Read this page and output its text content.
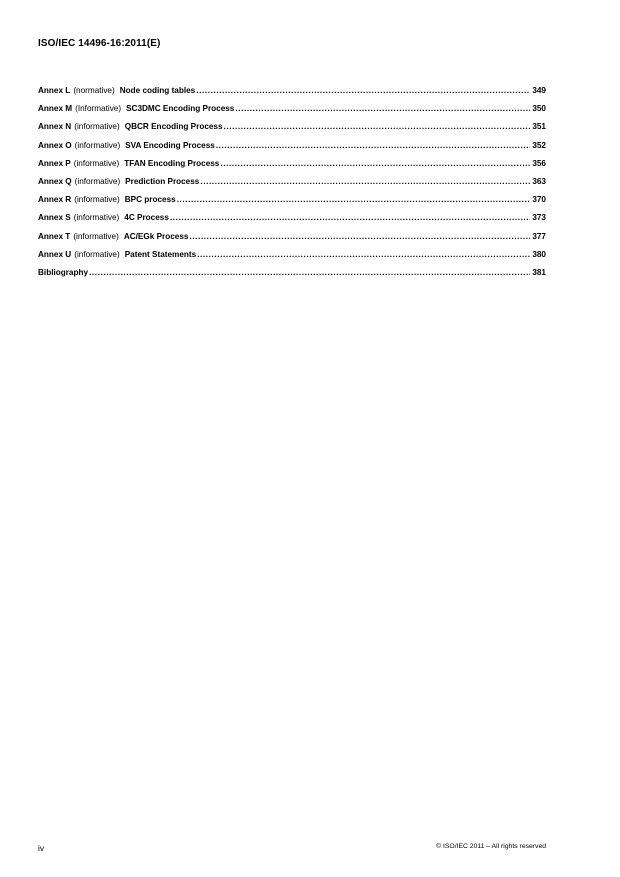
ISO/IEC 14496-16:2011(E)
Annex L (normative) Node coding tables .....	349
Annex M (Informative) SC3DMC Encoding Process .....	350
Annex N (informative) QBCR Encoding Process .....	351
Annex O (informative) SVA Encoding Process .....	352
Annex P (informative) TFAN Encoding Process .....	356
Annex Q (informative) Prediction Process .....	363
Annex R (informative) BPC process .....	370
Annex S (informative) 4C Process .....	373
Annex T (informative) AC/EGk Process .....	377
Annex U (informative) Patent Statements .....	380
Bibliography .....	381
iv	© ISO/IEC 2011 – All rights reserved
